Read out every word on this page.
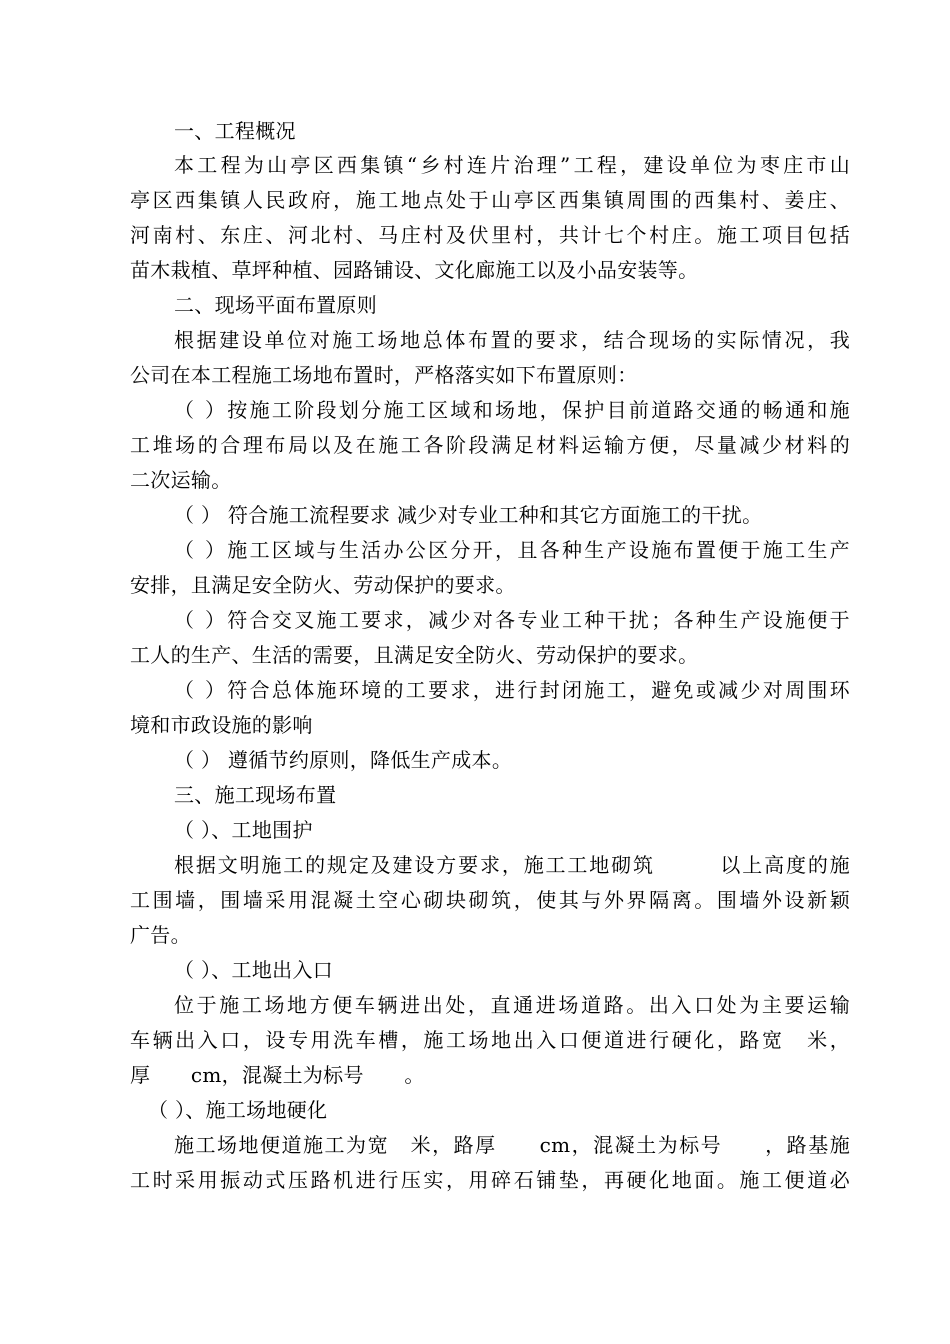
一、工程概况
本工程为山亭区西集镇“乡村连片治理”工程，建设单位为枣庄市山
亭区西集镇人民政府，施工地点处于山亭区西集镇周围的西集村、姜庄、
河南村、东庄、河北村、马庄村及伏里村，共计七个村庄。施工项目包括
苗木栽植、草坪种植、园路铺设、文化廊施工以及小品安装等。
二、现场平面布置原则
根据建设单位对施工场地总体布置的要求，结合现场的实际情况，我
公司在本工程施工场地布置时，严格落实如下布置原则：
（ ）按施工阶段划分施工区域和场地，保护目前道路交通的畅通和施
工堆场的合理布局以及在施工各阶段满足材料运输方便，尽量减少材料的
二次运输。
（ ） 符合施工流程要求 减少对专业工种和其它方面施工的干扰。
（ ）施工区域与生活办公区分开，且各种生产设施布置便于施工生产
安排，且满足安全防火、劳动保护的要求。
（ ）符合交叉施工要求，减少对各专业工种干扰；各种生产设施便于
工人的生产、生活的需要，且满足安全防火、劳动保护的要求。
（ ）符合总体施环境的工要求，进行封闭施工，避免或减少对周围环
境和市政设施的影响
（ ） 遵循节约原则，降低生产成本。
三、施工现场布置
（ ）、工地围护
根据文明施工的规定及建设方要求，施工工地砌筑　　　以上高度的施
工围墙，围墙采用混凝土空心砌块砌筑，使其与外界隔离。围墙外设新颖
广告。
（ ）、工地出入口
位于施工场地方便车辆进出处，直通进场道路。出入口处为主要运输
车辆出入口，设专用洗车槽，施工场地出入口便道进行硬化，路宽　米，
厚　　cm，混凝土为标号　　。
（ ）、施工场地硬化
施工场地便道施工为宽　米，路厚　　cm，混凝土为标号　　，路基施
工时采用振动式压路机进行压实，用碎石铺垫，再硬化地面。施工便道必
